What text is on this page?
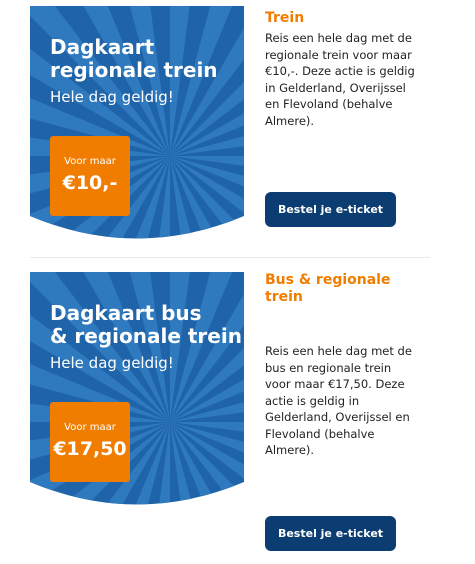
Dagkaart
regionale trein
Hele dag geldig!
Voor maar
€10,-

Trein

Reis een hele dag met de regionale trein voor maar €10,-. Deze actie is geldig in Gelderland, Overijssel en Flevoland (behalve Almere).

Bestel je e-ticket
Dagkaart bus
& regionale trein
Hele dag geldig!
Voor maar
€17,50

Bus & regionale trein

Reis een hele dag met de bus en regionale trein voor maar €17,50. Deze actie is geldig in Gelderland, Overijssel en Flevoland (behalve Almere).

Bestel je e-ticket
